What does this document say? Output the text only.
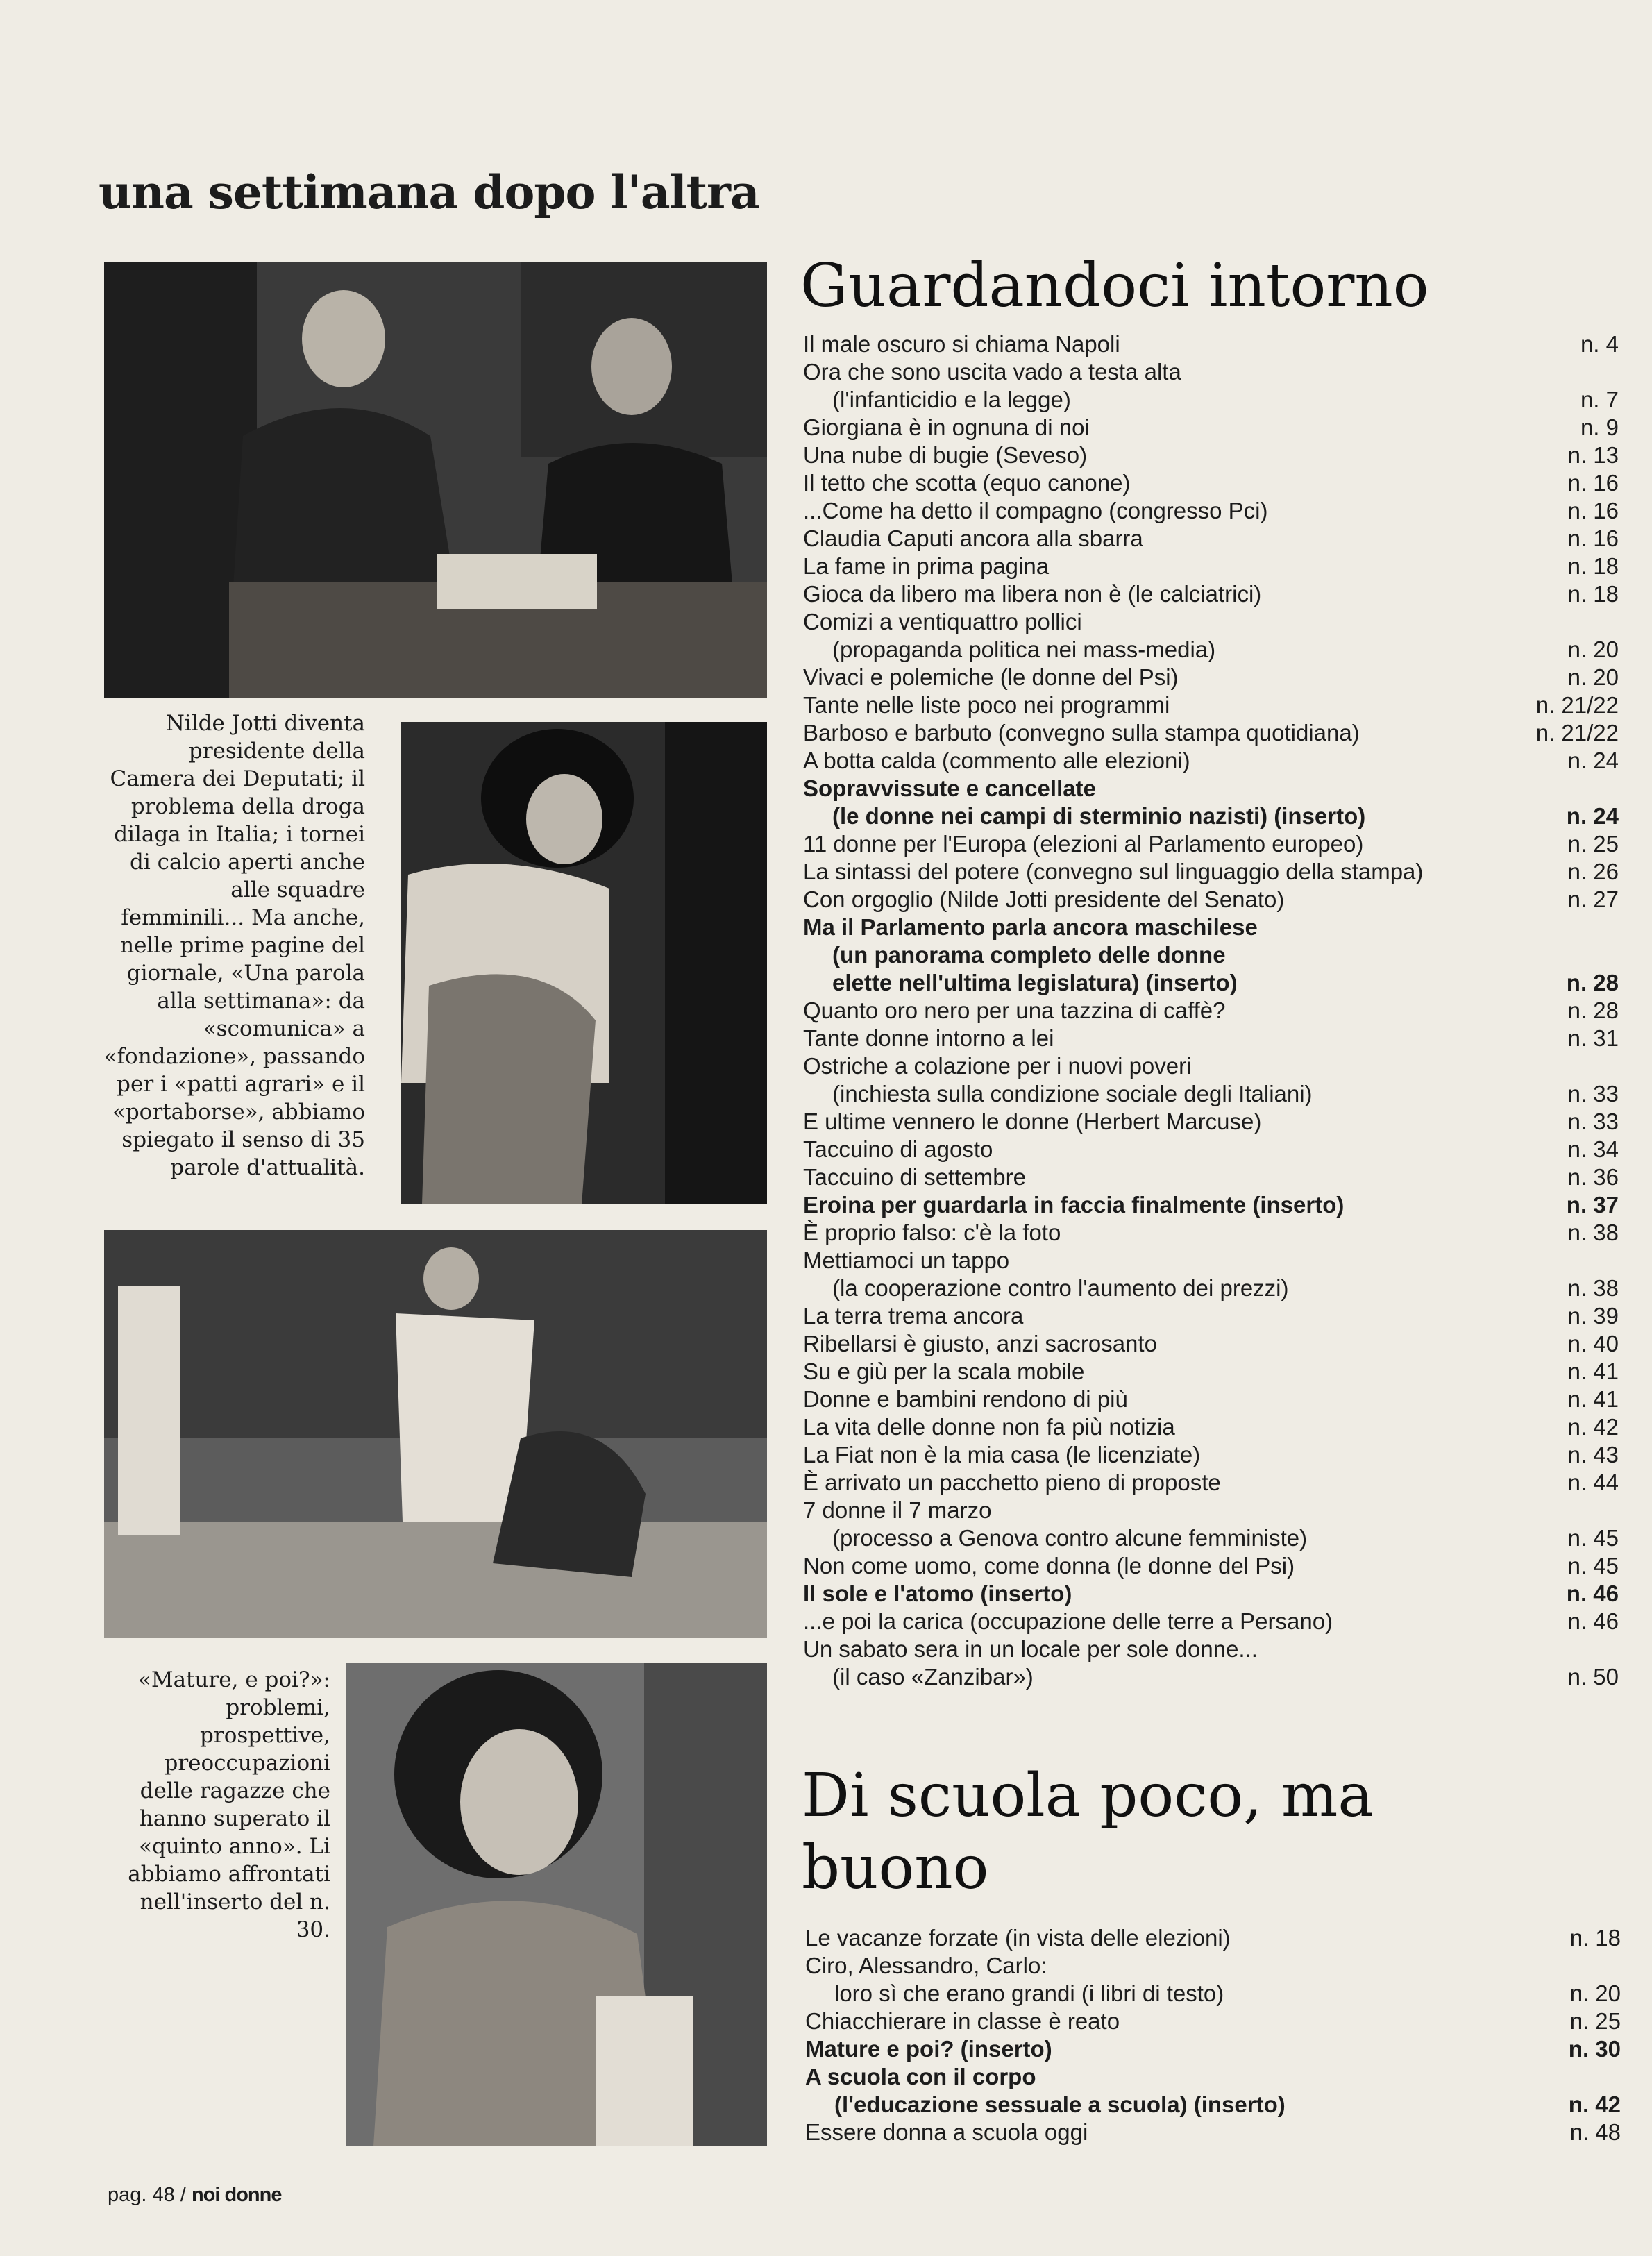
una settimana dopo l'altra

Nilde Jotti diventa presidente della Camera dei Deputati; il problema della droga dilaga in Italia; i tornei di calcio aperti anche alle squadre femminili... Ma anche, nelle prime pagine del giornale, «Una parola alla settimana»: da «scomunica» a «fondazione», passando per i «patti agrari» e il «portaborse», abbiamo spiegato il senso di 35 parole d'attualità.

«Mature, e poi?»: problemi, prospettive, preoccupazioni delle ragazze che hanno superato il «quinto anno». Li abbiamo affrontati nell'inserto del n. 30.

Guardandoci intorno
Il male oscuro si chiama Napoli	n. 4
Ora che sono uscita vado a testa alta
(l'infanticidio e la legge)	n. 7
Giorgiana è in ognuna di noi	n. 9
Una nube di bugie (Seveso)	n. 13
Il tetto che scotta (equo canone)	n. 16
...Come ha detto il compagno (congresso Pci)	n. 16
Claudia Caputi ancora alla sbarra	n. 16
La fame in prima pagina	n. 18
Gioca da libero ma libera non è (le calciatrici)	n. 18
Comizi a ventiquattro pollici
(propaganda politica nei mass-media)	n. 20
Vivaci e polemiche (le donne del Psi)	n. 20
Tante nelle liste poco nei programmi	n. 21/22
Barboso e barbuto (convegno sulla stampa quotidiana)	n. 21/22
A botta calda (commento alle elezioni)	n. 24
Sopravvissute e cancellate
(le donne nei campi di sterminio nazisti) (inserto)	n. 24
11 donne per l'Europa (elezioni al Parlamento europeo)	n. 25
La sintassi del potere (convegno sul linguaggio della stampa)	n. 26
Con orgoglio (Nilde Jotti presidente del Senato)	n. 27
Ma il Parlamento parla ancora maschilese
(un panorama completo delle donne
elette nell'ultima legislatura) (inserto)	n. 28
Quanto oro nero per una tazzina di caffè?	n. 28
Tante donne intorno a lei	n. 31
Ostriche a colazione per i nuovi poveri
(inchiesta sulla condizione sociale degli Italiani)	n. 33
E ultime vennero le donne (Herbert Marcuse)	n. 33
Taccuino di agosto	n. 34
Taccuino di settembre	n. 36
Eroina per guardarla in faccia finalmente (inserto)	n. 37
È proprio falso: c'è la foto	n. 38
Mettiamoci un tappo
(la cooperazione contro l'aumento dei prezzi)	n. 38
La terra trema ancora	n. 39
Ribellarsi è giusto, anzi sacrosanto	n. 40
Su e giù per la scala mobile	n. 41
Donne e bambini rendono di più	n. 41
La vita delle donne non fa più notizia	n. 42
La Fiat non è la mia casa (le licenziate)	n. 43
È arrivato un pacchetto pieno di proposte	n. 44
7 donne il 7 marzo
(processo a Genova contro alcune femministe)	n. 45
Non come uomo, come donna (le donne del Psi)	n. 45
Il sole e l'atomo (inserto)	n. 46
...e poi la carica (occupazione delle terre a Persano)	n. 46
Un sabato sera in un locale per sole donne...
(il caso «Zanzibar»)	n. 50
Di scuola poco, ma buono
Le vacanze forzate (in vista delle elezioni)	n. 18
Ciro, Alessandro, Carlo:
loro sì che erano grandi (i libri di testo)	n. 20
Chiacchierare in classe è reato	n. 25
Mature e poi? (inserto)	n. 30
A scuola con il corpo
(l'educazione sessuale a scuola) (inserto)	n. 42
Essere donna a scuola oggi	n. 48

pag. 48 / noi donne
